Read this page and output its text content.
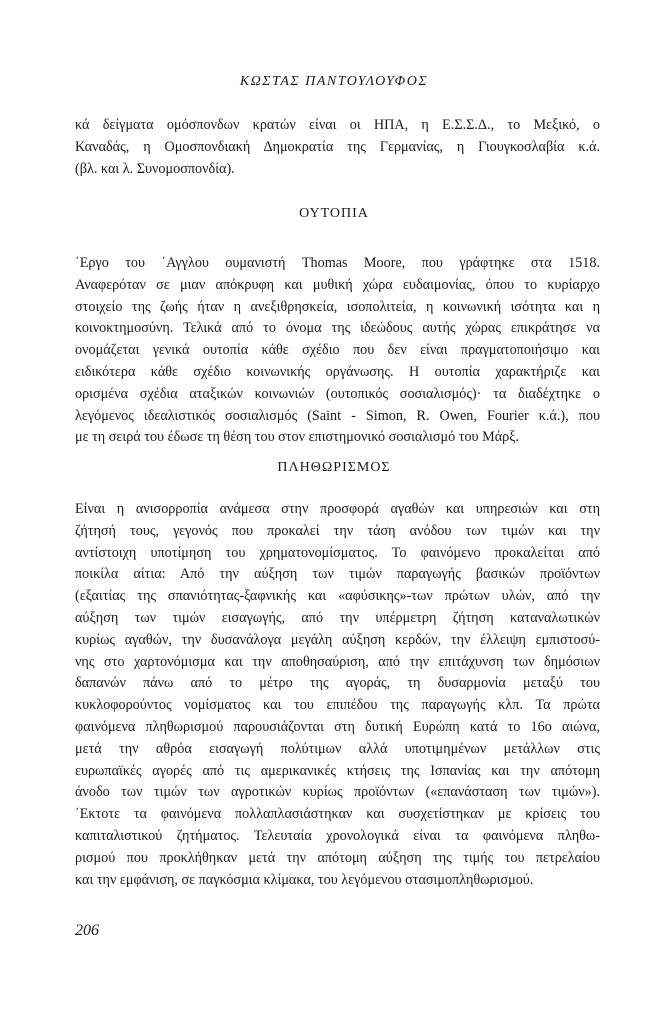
ΚΩΣΤΑΣ ΠΑΝΤΟΥΛΟΥΦΟΣ
κά δείγματα ομόσπονδων κρατών είναι οι ΗΠΑ, η Ε.Σ.Σ.Δ., το Μεξικό, ο
Καναδάς, η Ομοσπονδιακή Δημοκρατία της Γερμανίας, η Γιουγκοσλαβία κ.ά.
(βλ. και λ. Συνομοσπονδία).
ΟΥΤΟΠΙΑ
΄Εργο του ΄Αγγλου ουμανιστή Thomas Moore, που γράφτηκε στα 1518.
Αναφερόταν σε μιαν απόκρυφη και μυθική χώρα ευδαιμονίας, όπου το κυρίαρχο
στοιχείο της ζωής ήταν η ανεξιθρησκεία, ισοπολιτεία, η κοινωνική ισότητα και η
κοινοκτημοσύνη. Τελικά από το όνομα της ιδεώδους αυτής χώρας επικράτησε να
ονομάζεται γενικά ουτοπία κάθε σχέδιο που δεν είναι πραγματοποιήσιμο και
ειδικότερα κάθε σχέδιο κοινωνικής οργάνωσης. Η ουτοπία χαρακτήριζε και
ορισμένα σχέδια αταξικών κοινωνιών (ουτοπικός σοσιαλισμός)· τα διαδέχτηκε ο
λεγόμενος ιδεαλιστικός σοσιαλισμός (Saint - Simon, R. Owen, Fourier κ.ά.), που
με τη σειρά του έδωσε τη θέση του στον επιστημονικό σοσιαλισμό του Μάρξ.
ΠΛΗΘΩΡΙΣΜΟΣ
Είναι η ανισορροπία ανάμεσα στην προσφορά αγαθών και υπηρεσιών και στη
ζήτησή τους, γεγονός που προκαλεί την τάση ανόδου των τιμών και την
αντίστοιχη υποτίμηση του χρηματονομίσματος. Το φαινόμενο προκαλείται από
ποικίλα αίτια: Από την αύξηση των τιμών παραγωγής βασικών προϊόντων
(εξαιτίας της σπανιότητας-ξαφνικής και «αφύσικης»-των πρώτων υλών, από την
αύξηση των τιμών εισαγωγής, από την υπέρμετρη ζήτηση καταναλωτικών
κυρίως αγαθών, την δυσανάλογα μεγάλη αύξηση κερδών, την έλλειψη εμπιστοσύ-
νης στο χαρτονόμισμα και την αποθησαύριση, από την επιτάχυνση των δημόσιων
δαπανών πάνω από το μέτρο της αγοράς, τη δυσαρμονία μεταξύ του
κυκλοφορούντος νομίσματος και του επιπέδου της παραγωγής κλπ. Τα πρώτα
φαινόμενα πληθωρισμού παρουσιάζονται στη δυτική Ευρώπη κατά το 16ο αιώνα,
μετά την αθρόα εισαγωγή πολύτιμων αλλά υποτιμημένων μετάλλων στις
ευρωπαϊκές αγορές από τις αμερικανικές κτήσεις της Ισπανίας και την απότομη
άνοδο των τιμών των αγροτικών κυρίως προϊόντων («επανάσταση των τιμών»).
΄Εκτοτε τα φαινόμενα πολλαπλασιάστηκαν και συσχετίστηκαν με κρίσεις του
καπιταλιστικού ζητήματος. Τελευταία χρονολογικά είναι τα φαινόμενα πληθω-
ρισμού που προκλήθηκαν μετά την απότομη αύξηση της τιμής του πετρελαίου
και την εμφάνιση, σε παγκόσμια κλίμακα, του λεγόμενου στασιμοπληθωρισμού.
206
